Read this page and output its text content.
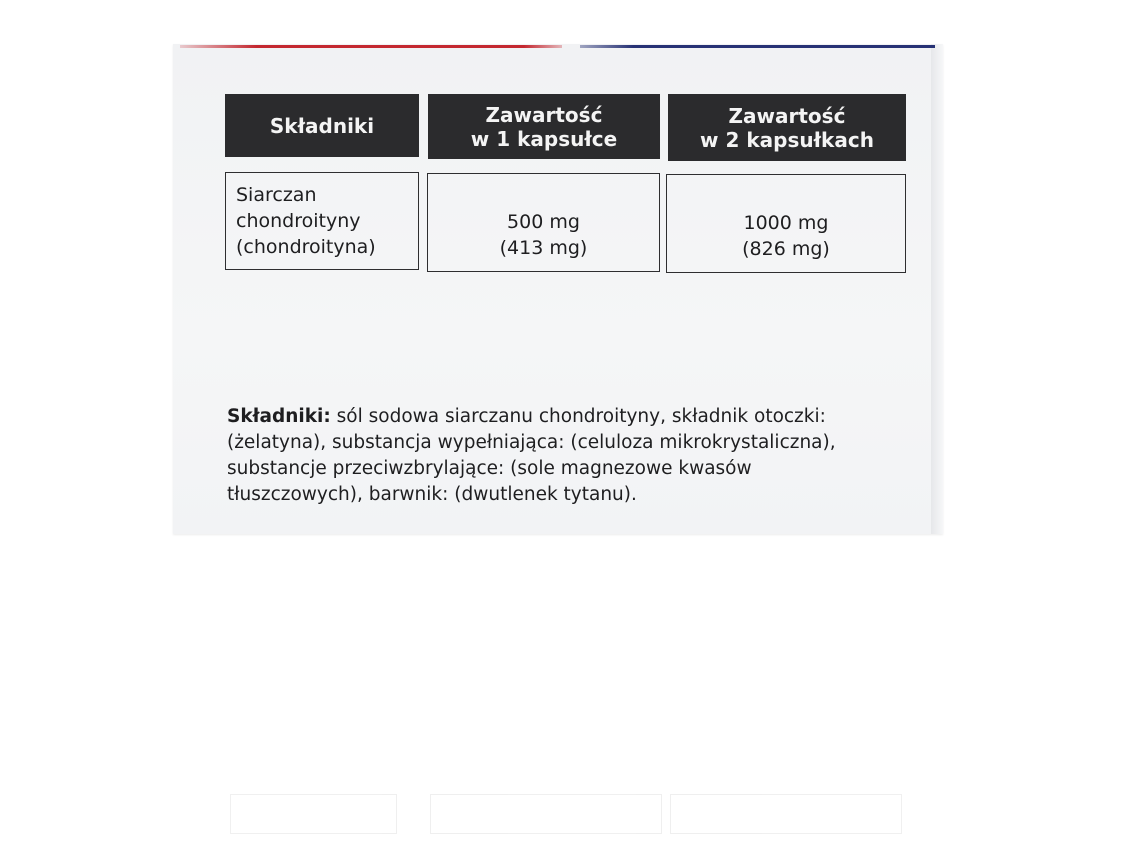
Składniki	Zawartość
w 1 kapsułce
Zawartość
w 2 kapsułkach
Siarczan
chondroityny
(chondroityna)
500 mg
(413 mg)
1000 mg
(826 mg)
Składniki: sól sodowa siarczanu chondroityny, składnik otoczki: (żelatyna), substancja wypełniająca: (celuloza mikrokrystaliczna), substancje przeciwzbrylające: (sole magnezowe kwasów tłuszczowych), barwnik: (dwutlenek tytanu).
